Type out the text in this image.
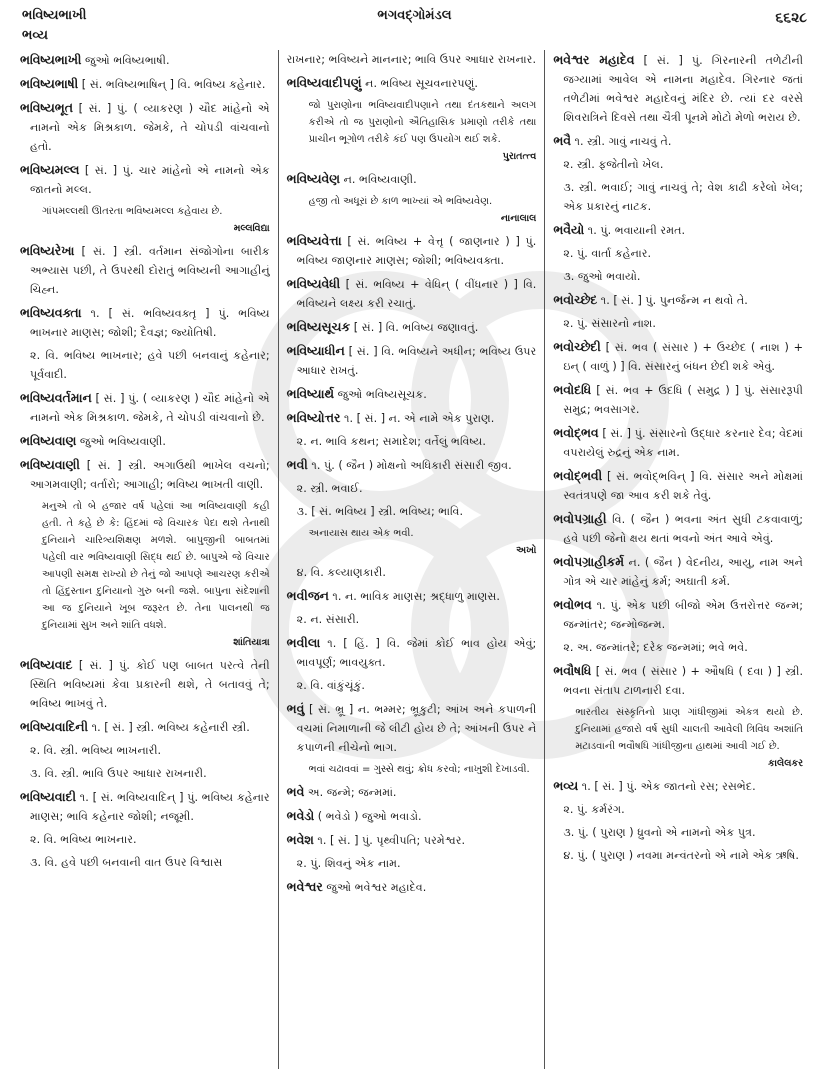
ભવિષ્યભાખી
ભવ્ય
ભગવદ્ગોમંડલ	૬૬૨૮
ભવિષ્યભાખી જુઓ ભવિષ્યભાષી.
ભવિષ્યભાષી [ સં. ભવિષ્યભાષિન્ ] વિ. ભવિષ્ય કહેનાર.
ભવિષ્યભૂત [ સં. ] પું. ( વ્યાકરણ ) ચૌદ માંહેનો એ નામનો એક મિશ્રકાળ. જેમકે, તે ચોપડી વાંચવાનો હતો.
ભવિષ્યમલ્લ [ સં. ] પું. ચાર માંહેનો એ નામનો એક જાતનો મલ્લ.
ગાંપમલ્લથી ઊતરતા ભવિષ્યમલ્લ કહેવાય છે.
મલ્લવિદ્યા
ભવિષ્યરેખા [ સં. ] સ્ત્રી. વર્તમાન સંજોગોના બારીક અભ્યાસ પછી, તે ઉપરથી દોરાતું ભવિષ્યની આગાહીનું ચિહ્ન.
ભવિષ્યવક્તા ૧. [ સં. ભવિષ્યવક્તૃ ] પું. ભવિષ્ય ભાખનાર માણસ; જોશી; દૈવજ્ઞ; જ્યોતિષી.
૨. વિ. ભવિષ્ય ભાખનાર; હવે પછી બનવાનું કહેનાર; પૂર્વવાદી.
ભવિષ્યવર્તમાન [ સં. ] પું. ( વ્યાકરણ ) ચૌદ માંહેનો એ નામનો એક મિશ્રકાળ. જેમકે, તે ચોપડી વાંચવાનો છે.
ભવિષ્યવાણ જુઓ ભવિષ્યવાણી.
ભવિષ્યવાણી [ સં. ] સ્ત્રી. અગાઉથી ભાખેલ વચનો; આગમવાણી; વર્તારો; આગાહી; ભવિષ્ય ભાખતી વાણી.
મનુએ તો બે હજાર વર્ષ પહેલાં આ ભવિષ્યવાણી કહી હતી. તે કહે છે કે: હિંદમાં જે વિચારક પેદા થશે તેનાથી દુનિયાને ચારિત્ર્યશિક્ષણ મળશે. બાપુજીની બાબતમાં પહેલી વાર ભવિષ્યવાણી સિદ્ધ થઈ છે. બાપુએ જે વિચાર આપણી સમક્ષ રાખ્યો છે તેનું જો આપણે આચરણ કરીએ તો હિંદુસ્તાન દુનિયાનો ગુરુ બની જશે. બાપુના સંદેશાની આ જ દુનિયાને ખૂબ જરૂરત છે. તેના પાલનથી જ દુનિયામાં સુખ અને શાંતિ વધશે.
શાંતિયાત્રા
ભવિષ્યવાદ [ સં. ] પું. કોઈ પણ બાબત પરત્વે તેની સ્થિતિ ભવિષ્યમાં કેવા પ્રકારની થશે, તે બતાવવું તે; ભવિષ્ય ભાખવું તે.
ભવિષ્યવાદિની ૧. [ સં. ] સ્ત્રી. ભવિષ્ય કહેનારી સ્ત્રી.
૨. વિ. સ્ત્રી. ભવિષ્ય ભાખનારી.
૩. વિ. સ્ત્રી. ભાવિ ઉપર આધાર રાખનારી.
ભવિષ્યવાદી ૧. [ સં. ભવિષ્યવાદિન્ ] પું. ભવિષ્ય કહેનાર માણસ; ભાવિ કહેનાર જોશી; નજૂમી.
૨. વિ. ભવિષ્ય ભાખનાર.
૩. વિ. હવે પછી બનવાની વાત ઉપર વિશ્વાસ
રાખનાર; ભવિષ્યને માનનાર; ભાવિ ઉપર આધાર રાખનાર.
ભવિષ્યવાદીપણું ન. ભવિષ્ય સૂચવનારપણું.
જો પુરાણોના ભવિષ્યવાદીપણાને તથા દંતકથાને અલગ કરીએ તો જ પુરાણોનો ઐતિહાસિક પ્રમાણો તરીકે તથા પ્રાચીન ભૂગોળ તરીકે કંઈ પણ ઉપયોગ થઈ શકે.
પુરાતત્ત્વ
ભવિષ્યવેણ ન. ભવિષ્યવાણી.
હજી તો અધૂરાં છે કાળ ભાખ્યાં એ ભવિષ્યવેણ.
નાનાલાલ
ભવિષ્યવેત્તા [ સં. ભવિષ્ય + વેત્તૃ ( જાણનાર ) ] પું. ભવિષ્ય જાણનાર માણસ; જોશી; ભવિષ્યવક્તા.
ભવિષ્યવેધી [ સં. ભવિષ્ય + વેધિન્ ( વીંધનાર ) ] વિ. ભવિષ્યને લક્ષ્ય કરી રચાતું.
ભવિષ્યસૂચક [ સં. ] વિ. ભવિષ્ય જણાવતું.
ભવિષ્યાધીન [ સં. ] વિ. ભવિષ્યને અધીન; ભવિષ્ય ઉપર આધાર રાખતું.
ભવિષ્યાર્થ જુઓ ભવિષ્યસૂચક.
ભવિષ્યોત્તર ૧. [ સં. ] ન. એ નામે એક પુરાણ.
૨. ન. ભાવિ કથન; સમાદેશ; વર્તેલું ભવિષ્ય.
ભવી ૧. પું. ( જૈન ) મોક્ષનો અધિકારી સંસારી જીવ.
૨. સ્ત્રી. ભવાઈ.
૩. [ સં. ભવિષ્ય ] સ્ત્રી. ભવિષ્ય; ભાવિ.
અનાયાસ થાય એક ભવી.
અખો
૪. વિ. કલ્યાણકારી.
ભવીજન ૧. ન. ભાવિક માણસ; શ્રદ્ધાળુ માણસ.
૨. ન. સંસારી.
ભવીલા ૧. [ હિં. ] વિ. જેમાં કોઈ ભાવ હોય એવું; ભાવપૂર્ણ; ભાવયુક્ત.
૨. વિ. વાંકુંચૂંકું.
ભવું [ સં. ભ્રૂ ] ન. ભમ્મર; ભ્રૂકુટી; આંખ અને કપાળની વચમાં નિમાળાની જે લીટી હોય છે તે; આંખની ઉપર ને કપાળની નીચેનો ભાગ.
ભવાં ચઢાવવાં = ગુસ્સે થવું; ક્રોધ કરવો; નાખુશી દેખાડવી.
ભવે અ. જન્મે; જન્મમાં.
ભવેડો ( ભવેડો ) જુઓ ભવાડો.
ભવેશ ૧. [ સં. ] પું. પૃથ્વીપતિ; પરમેશ્વર.
૨. પું. શિવનું એક નામ.
ભવેશ્વર જુઓ ભવેશ્વર મહાદેવ.
ભવેશ્વર મહાદેવ [ સં. ] પું. ગિરનારની તળેટીની જગ્યામાં આવેલ એ નામના મહાદેવ. ગિરનાર જતાં તળેટીમાં ભવેશ્વર મહાદેવનું મંદિર છે. ત્યાં દર વરસે શિવરાત્રિને દિવસે તથા ચૈત્રી પૂનમે મોટો મેળો ભરાય છે.
ભવૈ ૧. સ્ત્રી. ગાવું નાચવું તે.
૨. સ્ત્રી. ફજેતીનો ખેલ.
૩. સ્ત્રી. ભવાઈ; ગાવું નાચવું તે; વેશ કાઢી કરેલો ખેલ; એક પ્રકારનું નાટક.
ભવૈયો ૧. પું. ભવાયાની રમત.
૨. પું. વાર્તા કહેનાર.
૩. જુઓ ભવાયો.
ભવોચ્છેદ ૧. [ સં. ] પું. પુનર્જન્મ ન થવો તે.
૨. પું. સંસારનો નાશ.
ભવોચ્છેદી [ સં. ભવ ( સંસાર ) + ઉચ્છેદ ( નાશ ) + ઇન્ ( વાળું ) ] વિ. સંસારનું બંધન છેદી શકે એવું.
ભવોદધિ [ સં. ભવ + ઉદધિ ( સમુદ્ર ) ] પું. સંસારરૂપી સમુદ્ર; ભવસાગર.
ભવોદ્ભવ [ સં. ] પું. સંસારનો ઉદ્ધાર કરનાર દેવ; વેદમાં વપરાયેલું રુદ્રનું એક નામ.
ભવોદ્ભવી [ સં. ભવોદ્ભવિન્ ] વિ. સંસાર અને મોક્ષમાં સ્વતંત્રપણે જા આવ કરી શકે તેવું.
ભવોપગ્રાહી વિ. ( જૈન ) ભવના અંત સુધી ટકવાવાળું; હવે પછી જેનો ક્ષય થતાં ભવનો અંત આવે એવું.
ભવોપગ્રાહીકર્મ ન. ( જૈન ) વેદનીય, આયુ, નામ અને ગોત્ર એ ચાર માંહેનું કર્મ; અઘાતી કર્મ.
ભવોભવ ૧. પું. એક પછી બીજો એમ ઉત્તરોત્તર જન્મ; જન્માંતર; જન્મોજન્મ.
૨. અ. જન્માંતરે; દરેક જન્મમાં; ભવે ભવે.
ભવૌષધિ [ સં. ભવ ( સંસાર ) + ઔષધિ ( દવા ) ] સ્ત્રી. ભવના સંતાપ ટાળનારી દવા.
ભારતીય સંસ્કૃતિનો પ્રાણ ગાંધીજીમાં એકત્ર થયો છે. દુનિયામાં હજારો વર્ષ સુધી ચાલતી આવેલી ત્રિવિધ અશાંતિ મટાડવાની ભવૌષધિ ગાંધીજીના હાથમાં આવી ગઈ છે.
કાલેલકર
ભવ્ય ૧. [ સં. ] પું. એક જાતનો રસ; રસભેદ.
૨. પું. કર્મરંગ.
૩. પું. ( પુરાણ ) ધ્રુવનો એ નામનો એક પુત્ર.
૪. પું. ( પુરાણ ) નવમા મન્વંતરનો એ નામે એક ઋષિ.
